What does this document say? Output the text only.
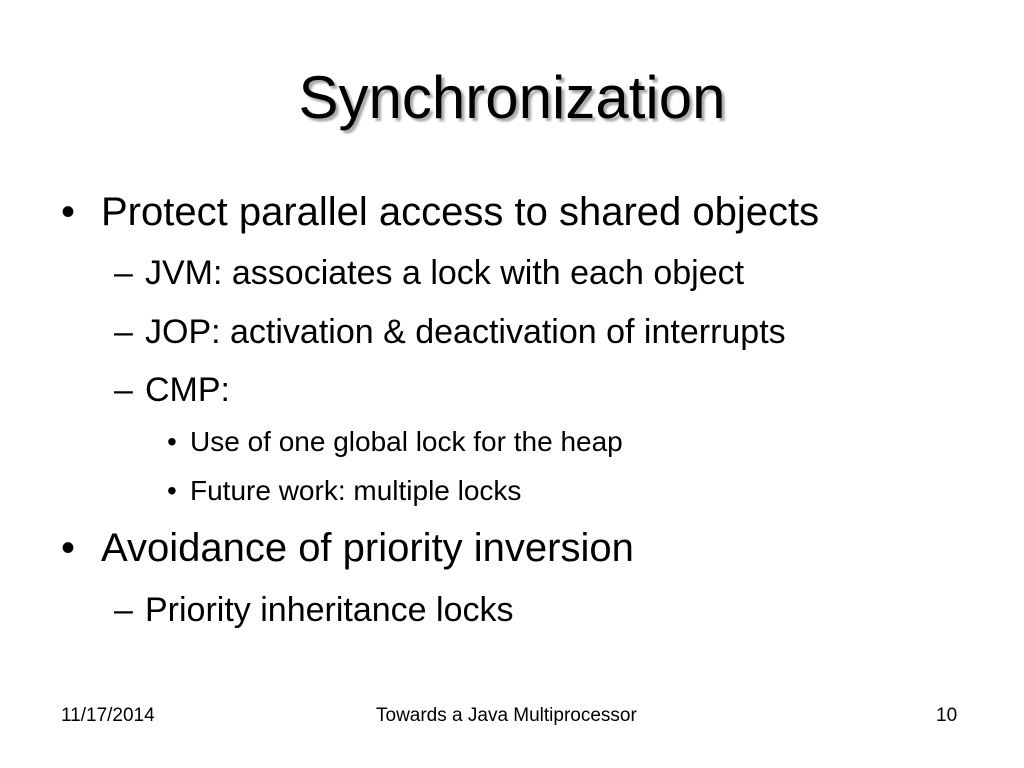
Synchronization
• Protect parallel access to shared objects
– JVM: associates a lock with each object
– JOP: activation & deactivation of interrupts
– CMP:
• Use of one global lock for the heap
• Future work: multiple locks
• Avoidance of priority inversion
– Priority inheritance locks
11/17/2014	Towards a Java Multiprocessor	10
